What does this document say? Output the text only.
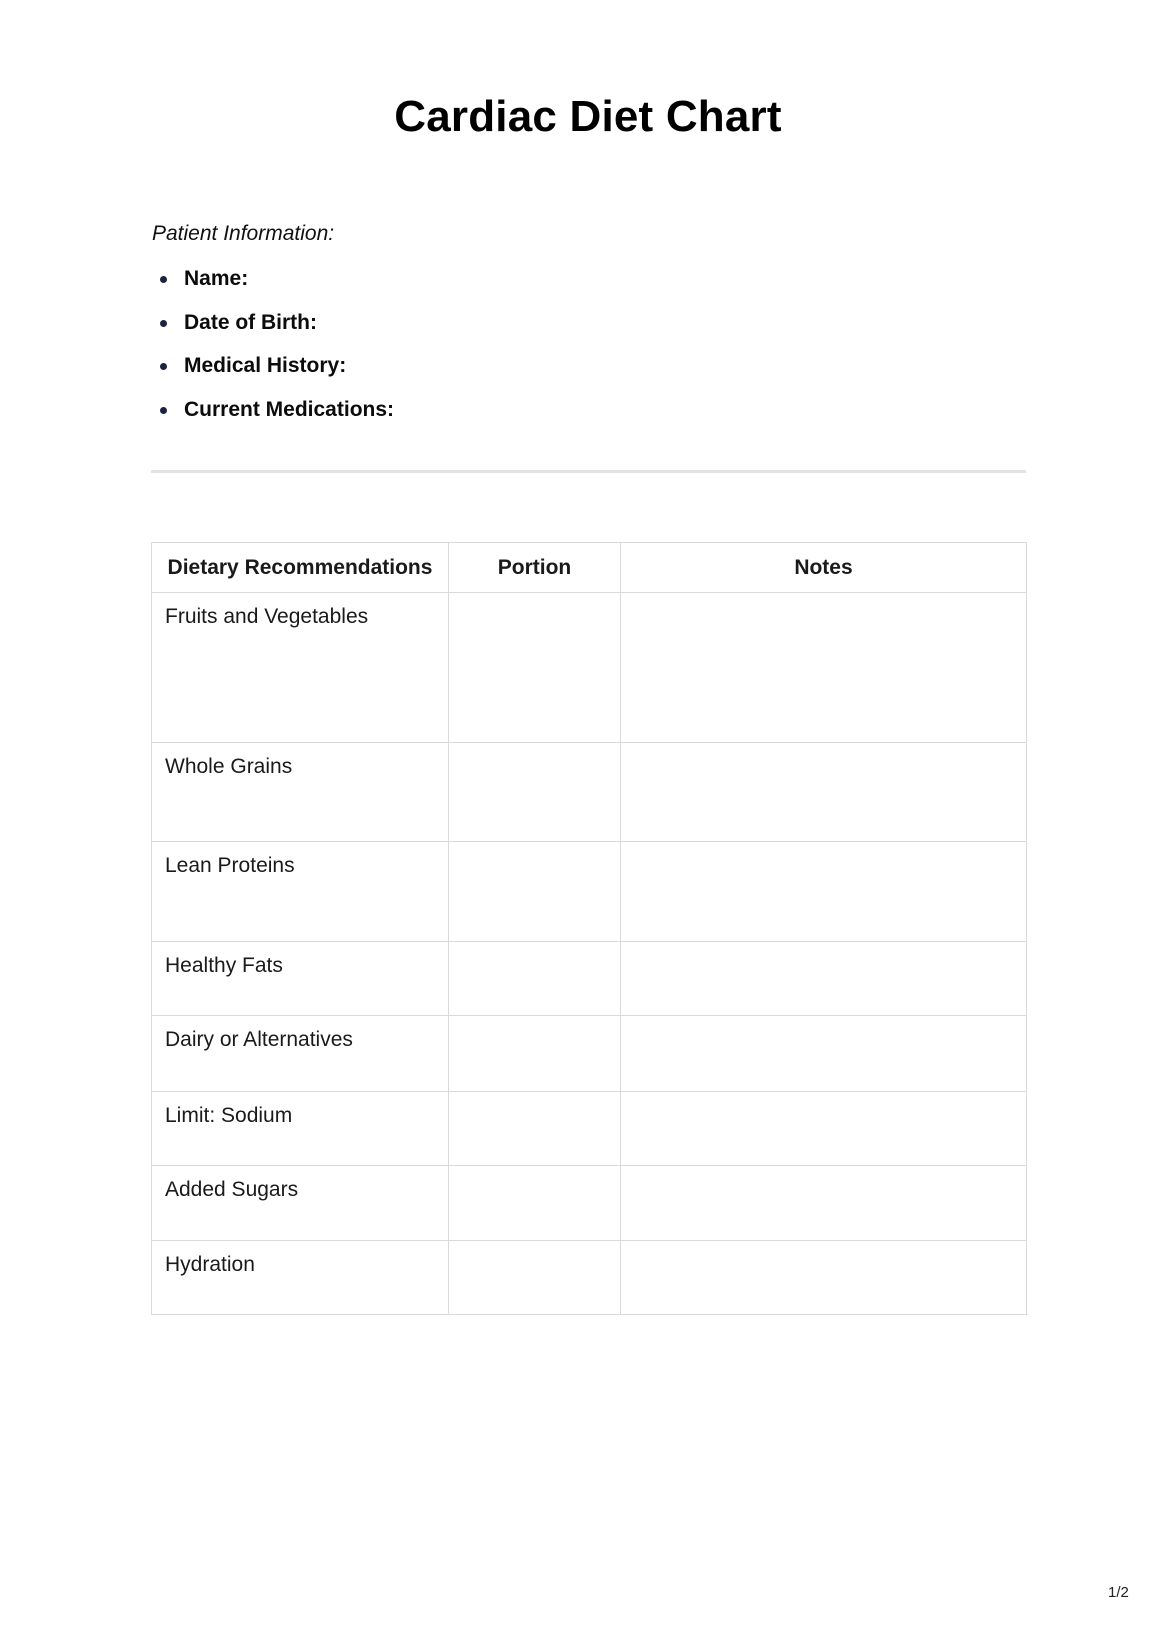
Cardiac Diet Chart
Patient Information:
Name:
Date of Birth:
Medical History:
Current Medications:
Dietary Recommendations	Portion	Notes
Fruits and Vegetables		
Whole Grains		
Lean Proteins		
Healthy Fats		
Dairy or Alternatives		
Limit: Sodium		
Added Sugars		
Hydration		
1/2
